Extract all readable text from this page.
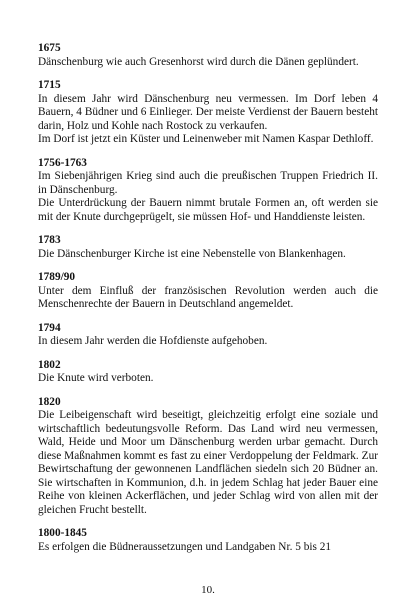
1675

Dänschenburg wie auch Gresenhorst wird durch die Dänen geplündert.

1715

In diesem Jahr wird Dänschenburg neu vermessen. Im Dorf leben 4 Bauern, 4 Büdner und 6 Einlieger. Der meiste Verdienst der Bauern besteht darin, Holz und Kohle nach Rostock zu verkaufen.

Im Dorf ist jetzt ein Küster und Leinenweber mit Namen Kaspar Dethloff.

1756-1763

Im Siebenjährigen Krieg sind auch die preußischen Truppen Friedrich II. in Dänschenburg.

Die Unterdrückung der Bauern nimmt brutale Formen an, oft werden sie mit der Knute durchgeprügelt, sie müssen Hof- und Handdienste leisten.

1783

Die Dänschenburger Kirche ist eine Nebenstelle von Blankenhagen.

1789/90

Unter dem Einfluß der französischen Revolution werden auch die Menschenrechte der Bauern in Deutschland angemeldet.

1794

In diesem Jahr werden die Hofdienste aufgehoben.

1802

Die Knute wird verboten.

1820

Die Leibeigenschaft wird beseitigt, gleichzeitig erfolgt eine soziale und wirtschaftlich bedeutungsvolle Reform. Das Land wird neu vermessen, Wald, Heide und Moor um Dänschenburg werden urbar gemacht. Durch diese Maßnahmen kommt es fast zu einer Verdoppelung der Feldmark. Zur Bewirtschaftung der gewonnenen Landflächen siedeln sich 20 Büdner an. Sie wirtschaften in Kommunion, d.h. in jedem Schlag hat jeder Bauer eine Reihe von kleinen Ackerflächen, und jeder Schlag wird von allen mit der gleichen Frucht bestellt.

1800-1845

Es erfolgen die Büdneraussetzungen und Landgaben Nr. 5 bis 21

10.
